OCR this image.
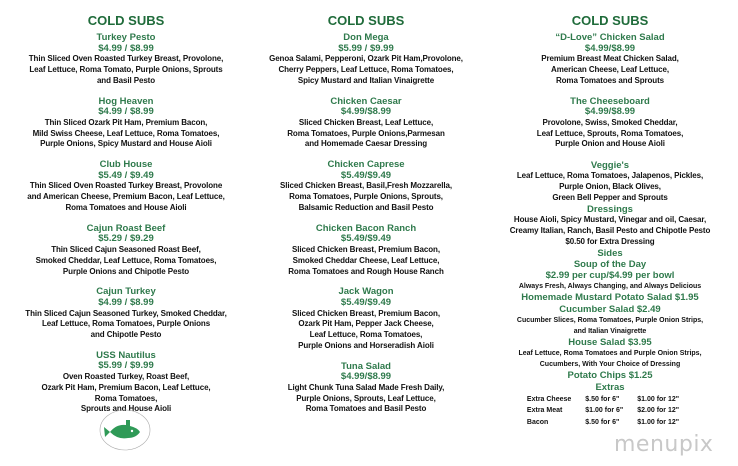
COLD SUBS
Turkey Pesto
$4.99 / $8.99
Thin Sliced Oven Roasted Turkey Breast, Provolone,
Leaf Lettuce, Roma Tomato, Purple Onions, Sprouts
and Basil Pesto
Hog Heaven
$4.99 / $8.99
Thin Sliced Ozark Pit Ham, Premium Bacon,
Mild Swiss Cheese, Leaf Lettuce, Roma Tomatoes,
Purple Onions, Spicy Mustard and House Aioli
Club House
$5.49 / $9.49
Thin Sliced Oven Roasted Turkey Breast, Provolone
and American Cheese, Premium Bacon, Leaf Lettuce,
Roma Tomatoes and House Aioli
Cajun Roast Beef
$5.29 / $9.29
Thin Sliced Cajun Seasoned Roast Beef,
Smoked Cheddar, Leaf Lettuce, Roma Tomatoes,
Purple Onions and Chipotle Pesto
Cajun Turkey
$4.99 / $8.99
Thin Sliced Cajun Seasoned Turkey, Smoked Cheddar,
Leaf Lettuce, Roma Tomatoes, Purple Onions
and Chipotle Pesto
USS Nautilus
$5.99 / $9.99
Oven Roasted Turkey, Roast Beef,
Ozark Pit Ham, Premium Bacon, Leaf Lettuce,
Roma Tomatoes,
Sprouts and House Aioli
COLD SUBS
Don Mega
$5.99 / $9.99
Genoa Salami, Pepperoni, Ozark Pit Ham,Provolone,
Cherry Peppers, Leaf Lettuce, Roma Tomatoes,
Spicy Mustard and Italian Vinaigrette
Chicken Caesar
$4.99/$8.99
Sliced Chicken Breast, Leaf Lettuce,
Roma Tomatoes, Purple Onions,Parmesan
and Homemade Caesar Dressing
Chicken Caprese
$5.49/$9.49
Sliced Chicken Breast, Basil,Fresh Mozzarella,
Roma Tomatoes, Purple Onions, Sprouts,
Balsamic Reduction and Basil Pesto
Chicken Bacon Ranch
$5.49/$9.49
Sliced Chicken Breast, Premium Bacon,
Smoked Cheddar Cheese, Leaf Lettuce,
Roma Tomatoes and Rough House Ranch
Jack Wagon
$5.49/$9.49
Sliced Chicken Breast, Premium Bacon,
Ozark Pit Ham, Pepper Jack Cheese,
Leaf Lettuce, Roma Tomatoes,
Purple Onions and Horseradish Aioli
Tuna Salad
$4.99/$8.99
Light Chunk Tuna Salad Made Fresh Daily,
Purple Onions, Sprouts, Leaf Lettuce,
Roma Tomatoes and Basil Pesto
COLD SUBS
“D-Love” Chicken Salad
$4.99/$8.99
Premium Breast Meat Chicken Salad,
American Cheese, Leaf Lettuce,
Roma Tomatoes and Sprouts
The Cheeseboard
$4.99/$8.99
Provolone, Swiss, Smoked Cheddar,
Leaf Lettuce, Sprouts, Roma Tomatoes,
Purple Onion and House Aioli
Veggie's
Leaf Lettuce, Roma Tomatoes, Jalapenos, Pickles,
Purple Onion, Black Olives,
Green Bell Pepper and Sprouts
Dressings
House Aioli, Spicy Mustard, Vinegar and oil, Caesar,
Creamy Italian, Ranch, Basil Pesto and Chipotle Pesto
$0.50 for Extra Dressing
Sides
Soup of the Day
$2.99 per cup/$4.99 per bowl
Always Fresh, Always Changing, and Always Delicious
Homemade Mustard Potato Salad $1.95
Cucumber Salad $2.49
Cucumber Slices, Roma Tomatoes, Purple Onion Strips,
and Italian Vinaigrette
House Salad $3.95
Leaf Lettuce, Roma Tomatoes and Purple Onion Strips,
Cucumbers, With Your Choice of Dressing
Potato Chips $1.25
Extras
Extra Cheese	$.50 for 6"	$1.00 for 12"
Extra Meat	$1.00 for 6"	$2.00 for 12"
Bacon	$.50 for 6"	$1.00 for 12"
menupix
